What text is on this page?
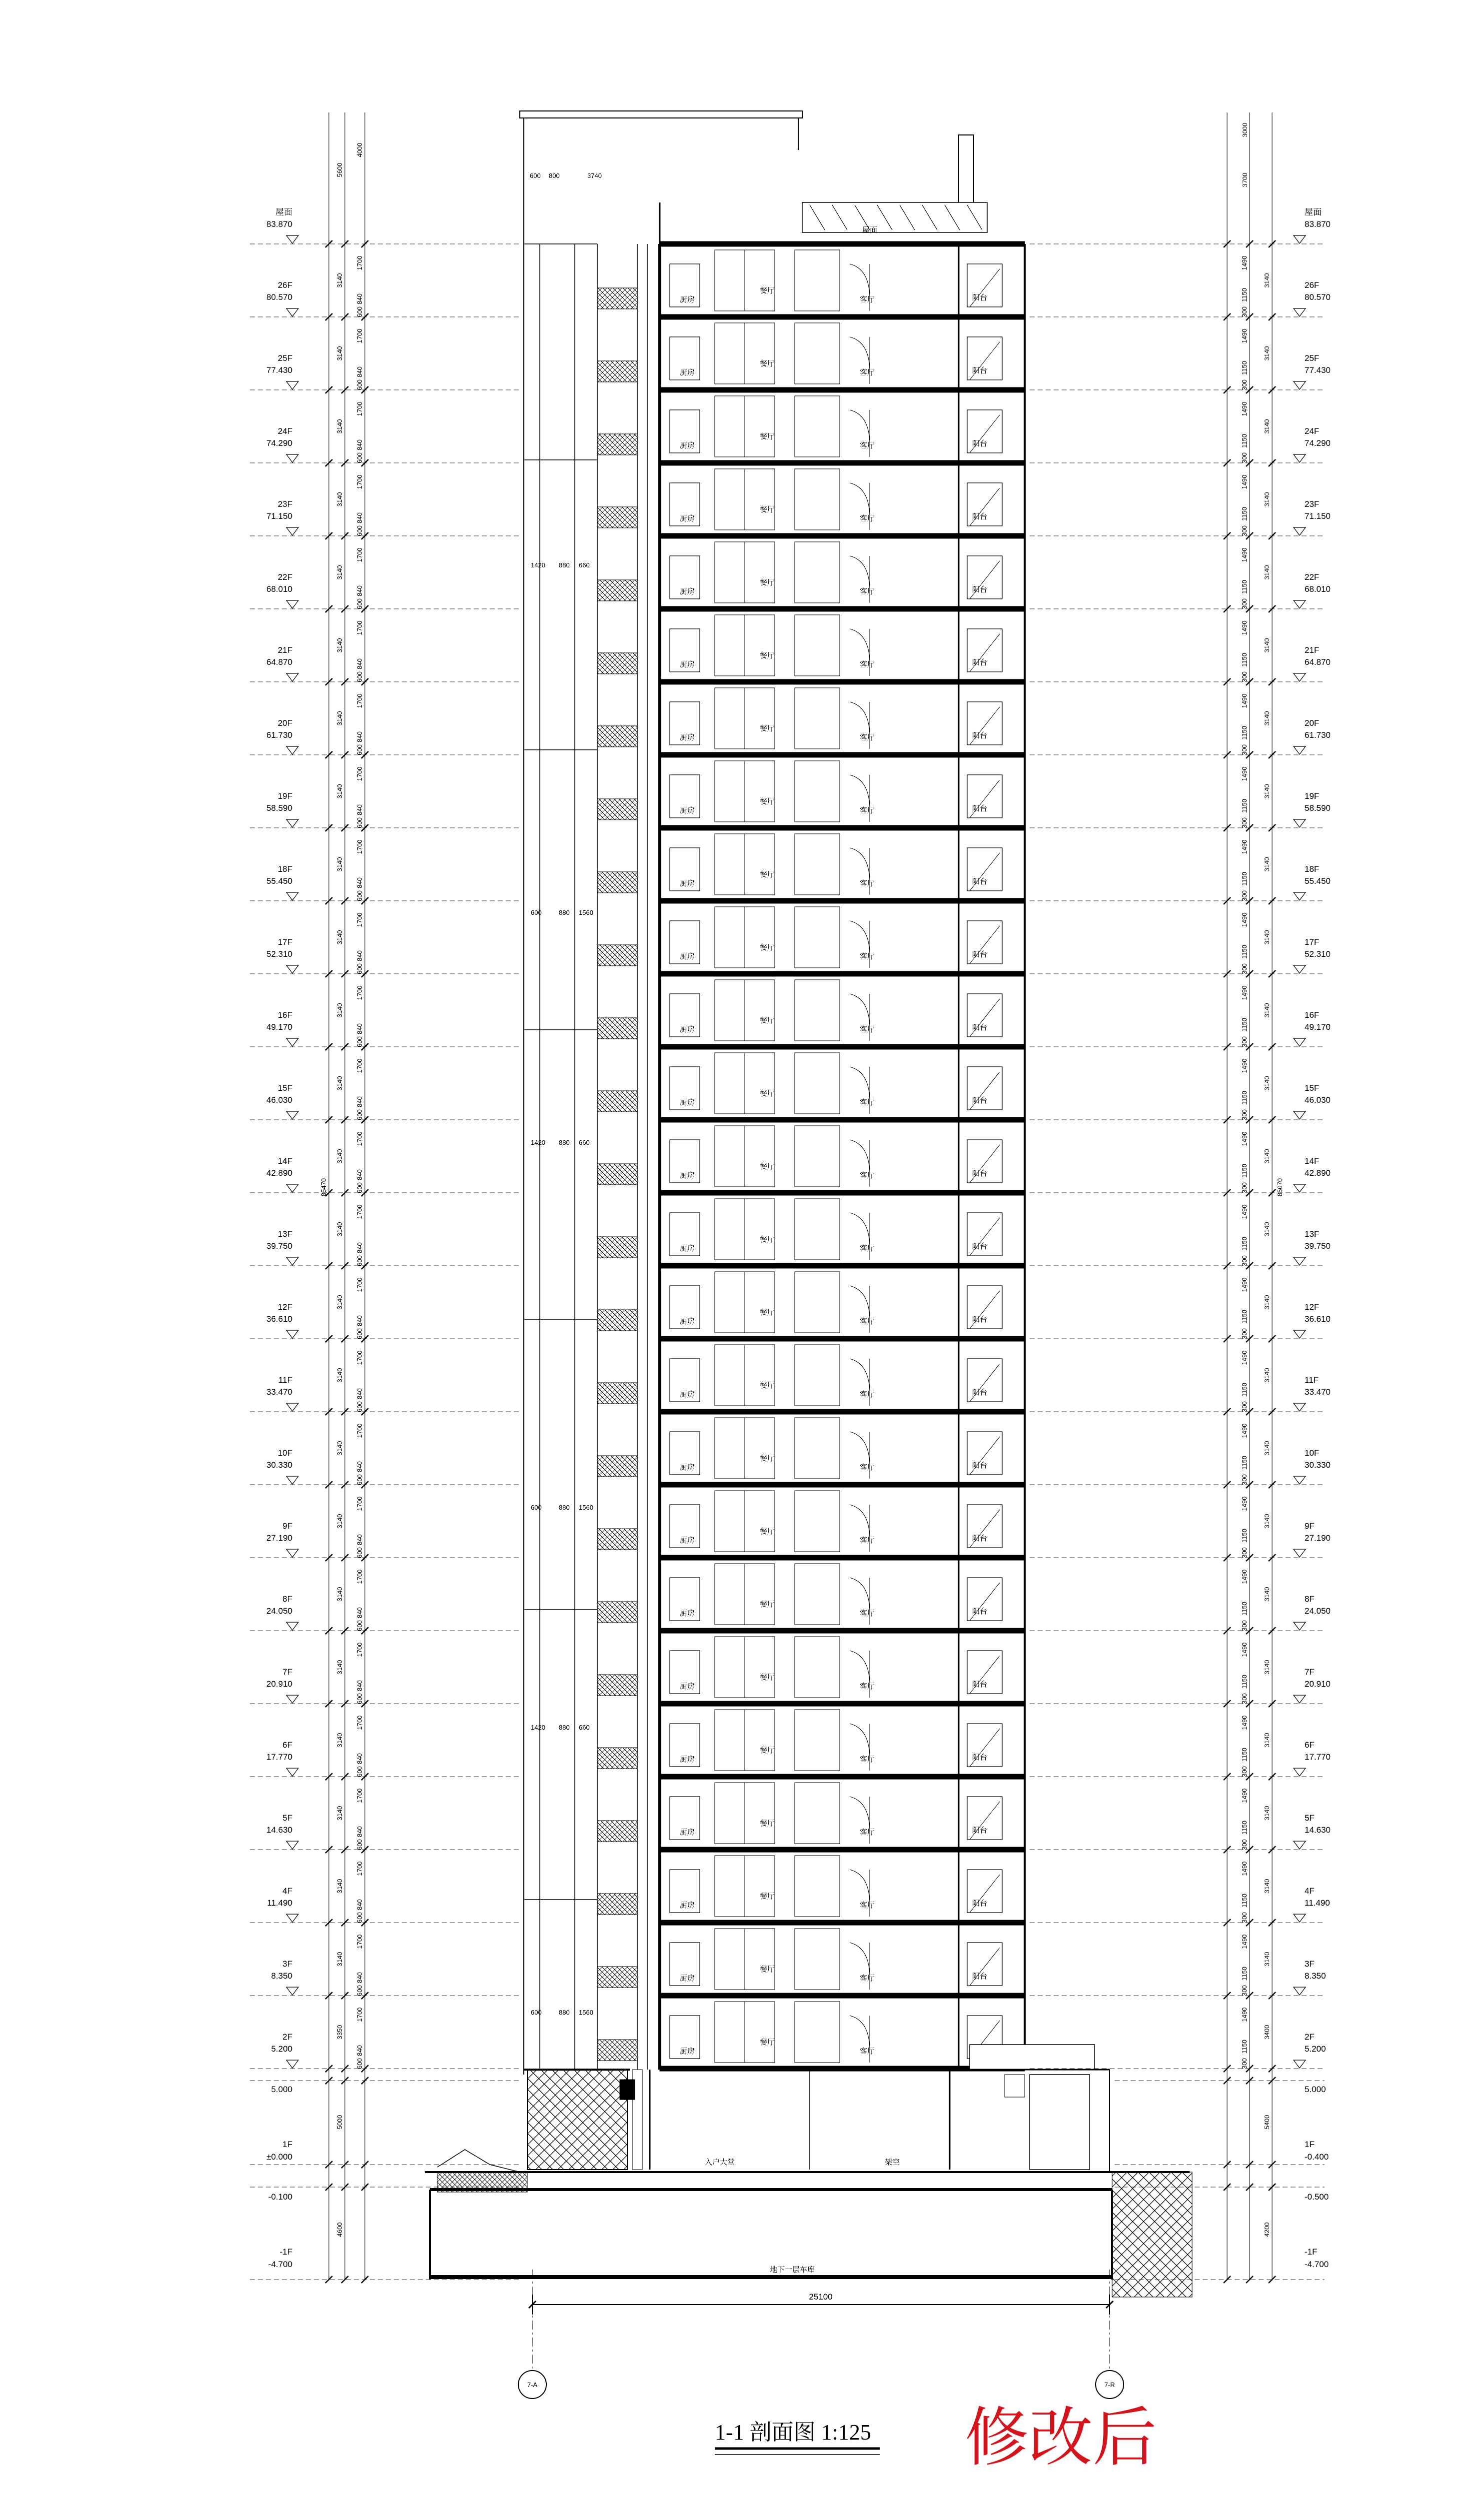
厨房
餐厅
客厅	阳台
厨房
餐厅
客厅	阳台
厨房
餐厅
客厅	阳台
厨房
餐厅
客厅	阳台
厨房
餐厅
客厅	阳台
厨房
餐厅
客厅	阳台
厨房
餐厅
客厅	阳台
厨房
餐厅
客厅	阳台
厨房
餐厅
客厅	阳台
厨房
餐厅
客厅	阳台
厨房
餐厅
客厅	阳台
厨房
餐厅
客厅	阳台
厨房
餐厅
客厅	阳台
厨房
餐厅
客厅	阳台
厨房
餐厅
客厅	阳台
厨房
餐厅
客厅	阳台
厨房
餐厅
客厅	阳台
厨房
餐厅
客厅	阳台
厨房
餐厅
客厅	阳台
厨房
餐厅
客厅	阳台
厨房
餐厅
客厅	阳台
厨房
餐厅
客厅	阳台
厨房
餐厅
客厅	阳台
厨房
餐厅
客厅	阳台
厨房
餐厅
客厅
屋面
600 800	3740
1420 880 660
600	880 1560
1420 880 660
600	880 1560
1420 880 660
600	880 1560
入户大堂	架空
地下一层车库
85470
5600
4000
85070
3000
3700
屋面
83.870
屋面
83.870
26F
80.570
26F
80.570
3140
1700
840
600
1490
1150
300
3140
25F
77.430
25F
77.430
3140
1700
840
600
1490
1150
300
3140
24F
74.290
24F
74.290
3140
1700
840
600
1490
1150
300
3140
23F
71.150
23F
71.150
3140
1700
840
600
1490
1150
300
3140
22F
68.010
22F
68.010
3140
1700
840
600
1490
1150
300
3140
21F
64.870
21F
64.870
3140
1700
840
600
1490
1150
300
3140
20F
61.730
20F
61.730
3140
1700
840
600
1490
1150
300
3140
19F
58.590
19F
58.590
3140
1700
840
600
1490
1150
300
3140
18F
55.450
18F
55.450
3140
1700
840
600
1490
1150
300
3140
17F
52.310
17F
52.310
3140
1700
840
600
1490
1150
300
3140
16F
49.170
16F
49.170
3140
1700
840
600
1490
1150
300
3140
15F
46.030
15F
46.030
3140
1700
840
600
1490
1150
300
3140
14F
42.890
14F
42.890
3140
1700
840
600
1490
1150
300
3140
13F
39.750
13F
39.750
3140
1700
840
600
1490
1150
300
3140
12F
36.610
12F
36.610
3140
1700
840
600
1490
1150
300
3140
11F
33.470
11F
33.470
3140
1700
840
600
1490
1150
300
3140
10F
30.330
10F
30.330
3140
1700
840
600
1490
1150
300
3140
9F
27.190
9F
27.190
3140
1700
840
600
1490
1150
300
3140
8F
24.050
8F
24.050
3140
1700
840
600
1490
1150
300
3140
7F
20.910
7F
20.910
3140
1700
840
600
1490
1150
300
3140
6F
17.770
6F
17.770
3140
1700
840
600
1490
1150
300
3140
5F
14.630
5F
14.630
3140
1700
840
600
1490
1150
300
3140
4F
11.490
4F
11.490
3140
1700
840
600
1490
1150
300
3140
3F
8.350
3F
8.350
3140
1700
840
600
1490
1150
300
3140
2F
5.200
2F
5.200
3350
1700
840
600
1490
1150
300
3400
5.000
1F
±0.000
-0.100
-1F
-4.700
5.000
1F
-0.400
-0.500
-1F
-4.700
5000
4600
5400
4200
25100
7-A	7-R
1-1 剖面图 1:125 修改后
